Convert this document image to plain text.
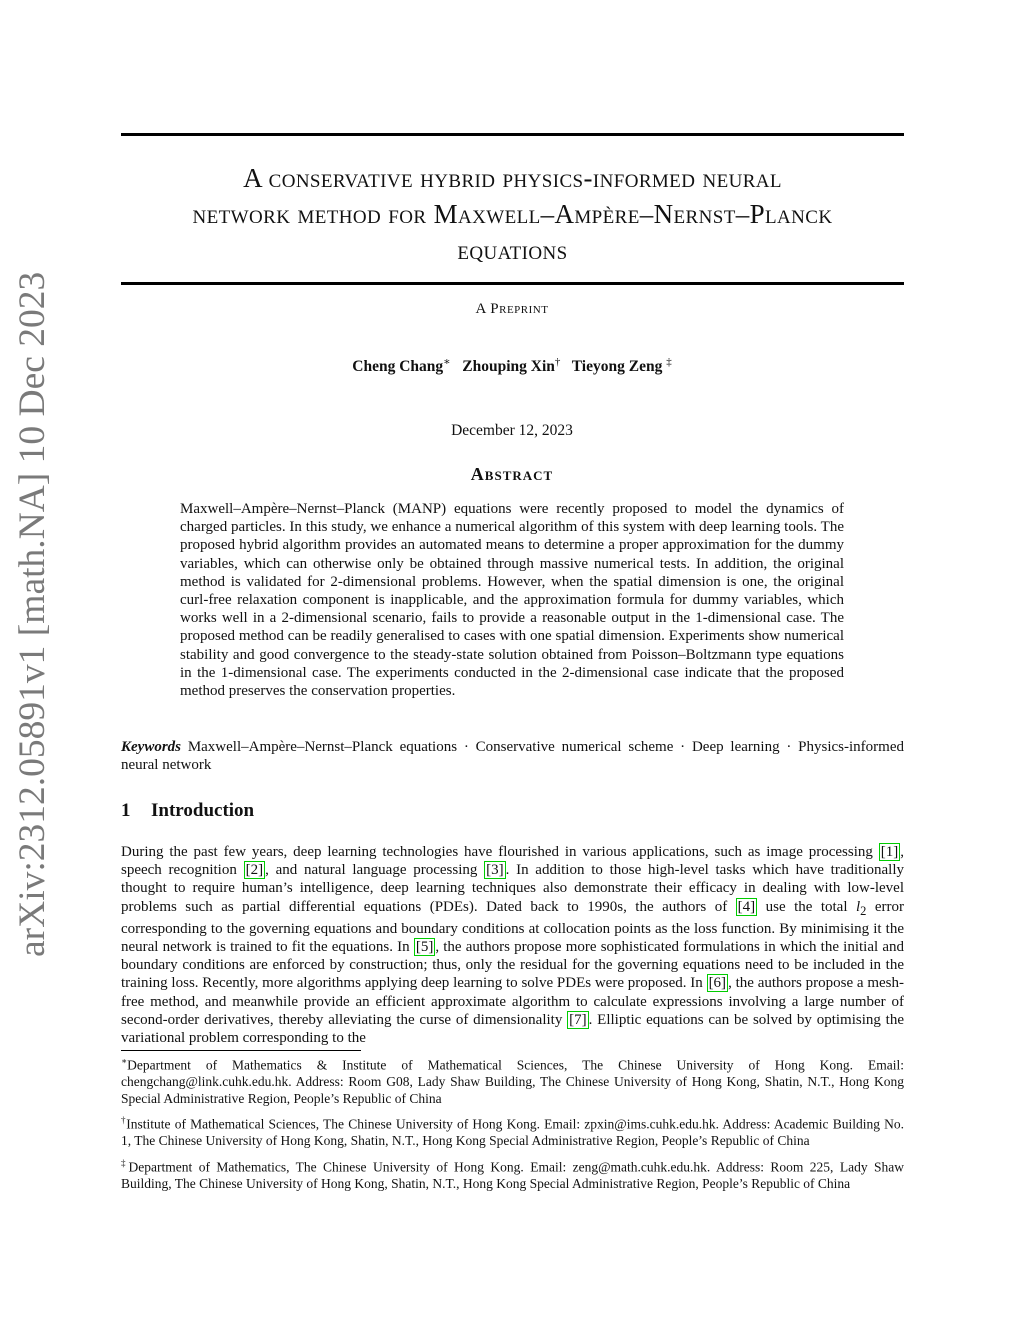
arXiv:2312.05891v1 [math.NA] 10 Dec 2023
A conservative hybrid physics-informed neural
network method for Maxwell–Ampère–Nernst–Planck
equations
A Preprint
Cheng Chang∗ Zhouping Xin† Tieyong Zeng ‡
December 12, 2023
Abstract

Maxwell–Ampère–Nernst–Planck (MANP) equations were recently proposed to model the dynamics of charged particles. In this study, we enhance a numerical algorithm of this system with deep learning tools. The proposed hybrid algorithm provides an automated means to determine a proper approximation for the dummy variables, which can otherwise only be obtained through massive numerical tests. In addition, the original method is validated for 2-dimensional problems. However, when the spatial dimension is one, the original curl-free relaxation component is inapplicable, and the approximation formula for dummy variables, which works well in a 2-dimensional scenario, fails to provide a reasonable output in the 1-dimensional case. The proposed method can be readily generalised to cases with one spatial dimension. Experiments show numerical stability and good convergence to the steady-state solution obtained from Poisson–Boltzmann type equations in the 1-dimensional case. The experiments conducted in the 2-dimensional case indicate that the proposed method preserves the conservation properties.

Keywords Maxwell–Ampère–Nernst–Planck equations · Conservative numerical scheme · Deep learning · Physics-informed neural network

1 Introduction

During the past few years, deep learning technologies have flourished in various applications, such as image processing [1] , speech recognition [2] , and natural language processing [3] . In addition to those high-level tasks which have traditionally thought to require human’s intelligence, deep learning techniques also demonstrate their efficacy in dealing with low-level problems such as partial differential equations (PDEs). Dated back to 1990s, the authors of [4] use the total $l_2$ error corresponding to the governing equations and boundary conditions at collocation points as the loss function. By minimising it the neural network is trained to fit the equations. In [5] , the authors propose more sophisticated formulations in which the initial and boundary conditions are enforced by construction; thus, only the residual for the governing equations need to be included in the training loss. Recently, more algorithms applying deep learning to solve PDEs were proposed. In [6] , the authors propose a mesh-free method, and meanwhile provide an efficient approximate algorithm to calculate expressions involving a large number of second-order derivatives, thereby alleviating the curse of dimensionality [7] . Elliptic equations can be solved by optimising the variational problem corresponding to the

∗Department of Mathematics & Institute of Mathematical Sciences, The Chinese University of Hong Kong. Email: chengchang@link.cuhk.edu.hk. Address: Room G08, Lady Shaw Building, The Chinese University of Hong Kong, Shatin, N.T., Hong Kong Special Administrative Region, People’s Republic of China

†Institute of Mathematical Sciences, The Chinese University of Hong Kong. Email: zpxin@ims.cuhk.edu.hk. Address: Academic Building No. 1, The Chinese University of Hong Kong, Shatin, N.T., Hong Kong Special Administrative Region, People’s Republic of China

‡Department of Mathematics, The Chinese University of Hong Kong. Email: zeng@math.cuhk.edu.hk. Address: Room 225, Lady Shaw Building, The Chinese University of Hong Kong, Shatin, N.T., Hong Kong Special Administrative Region, People’s Republic of China
